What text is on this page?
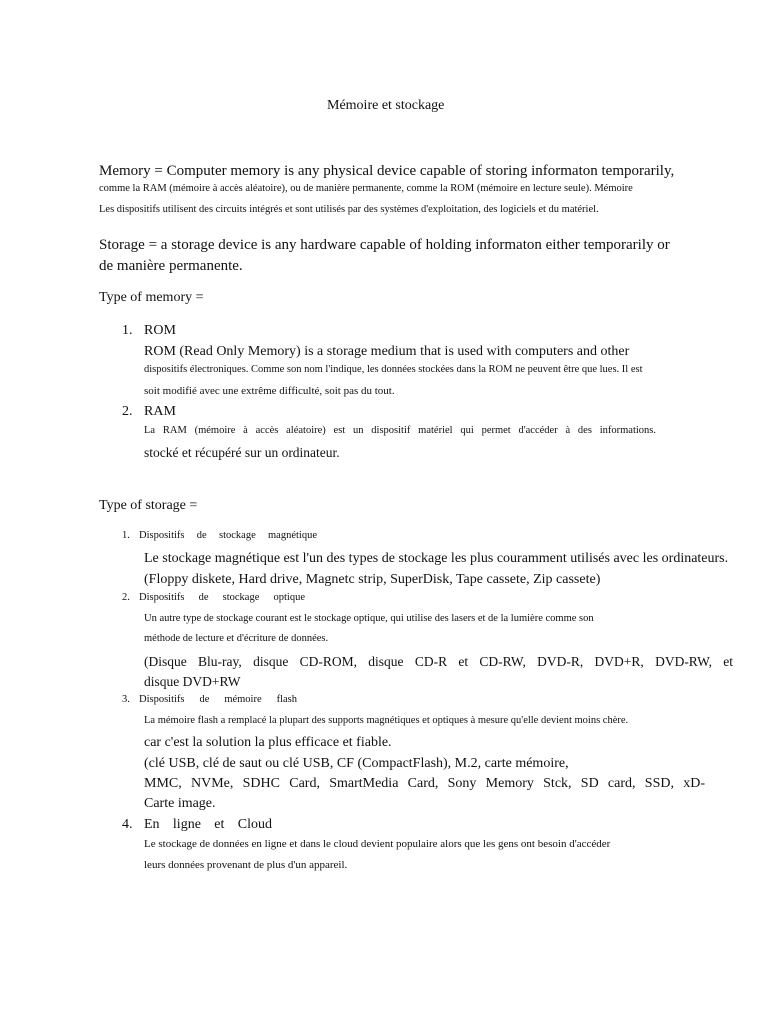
Mémoire et stockage
Memory = Computer memory is any physical device capable of storing informaton temporarily,
comme la RAM (mémoire à accès aléatoire), ou de manière permanente, comme la ROM (mémoire en lecture seule). Mémoire
Les dispositifs utilisent des circuits intégrés et sont utilisés par des systèmes d'exploitation, des logiciels et du matériel.
Storage = a storage device is any hardware capable of holding informaton either temporarily or
de manière permanente.
Type of memory =
1. ROM
ROM (Read Only Memory) is a storage medium that is used with computers and other
dispositifs électroniques. Comme son nom l'indique, les données stockées dans la ROM ne peuvent être que lues. Il est
soit modifié avec une extrême difficulté, soit pas du tout.
2. RAM
La RAM (mémoire à accès aléatoire) est un dispositif matériel qui permet d'accéder à des informations.
stocké et récupéré sur un ordinateur.
Type of storage =
1. Dispositifs de stockage magnétique
Le stockage magnétique est l'un des types de stockage les plus couramment utilisés avec les ordinateurs.
(Floppy diskete, Hard drive, Magnetc strip, SuperDisk, Tape cassete, Zip cassete)
2. Dispositifs de stockage optique
Un autre type de stockage courant est le stockage optique, qui utilise des lasers et de la lumière comme son
méthode de lecture et d'écriture de données.
(Disque Blu-ray, disque CD-ROM, disque CD-R et CD-RW, DVD-R, DVD+R, DVD-RW, et
disque DVD+RW
3. Dispositifs de mémoire flash
La mémoire flash a remplacé la plupart des supports magnétiques et optiques à mesure qu'elle devient moins chère.
car c'est la solution la plus efficace et fiable.
(clé USB, clé de saut ou clé USB, CF (CompactFlash), M.2, carte mémoire,
MMC, NVMe, SDHC Card, SmartMedia Card, Sony Memory Stck, SD card, SSD, xD-
Carte image.
4. En ligne et Cloud
Le stockage de données en ligne et dans le cloud devient populaire alors que les gens ont besoin d'accéder
leurs données provenant de plus d'un appareil.
